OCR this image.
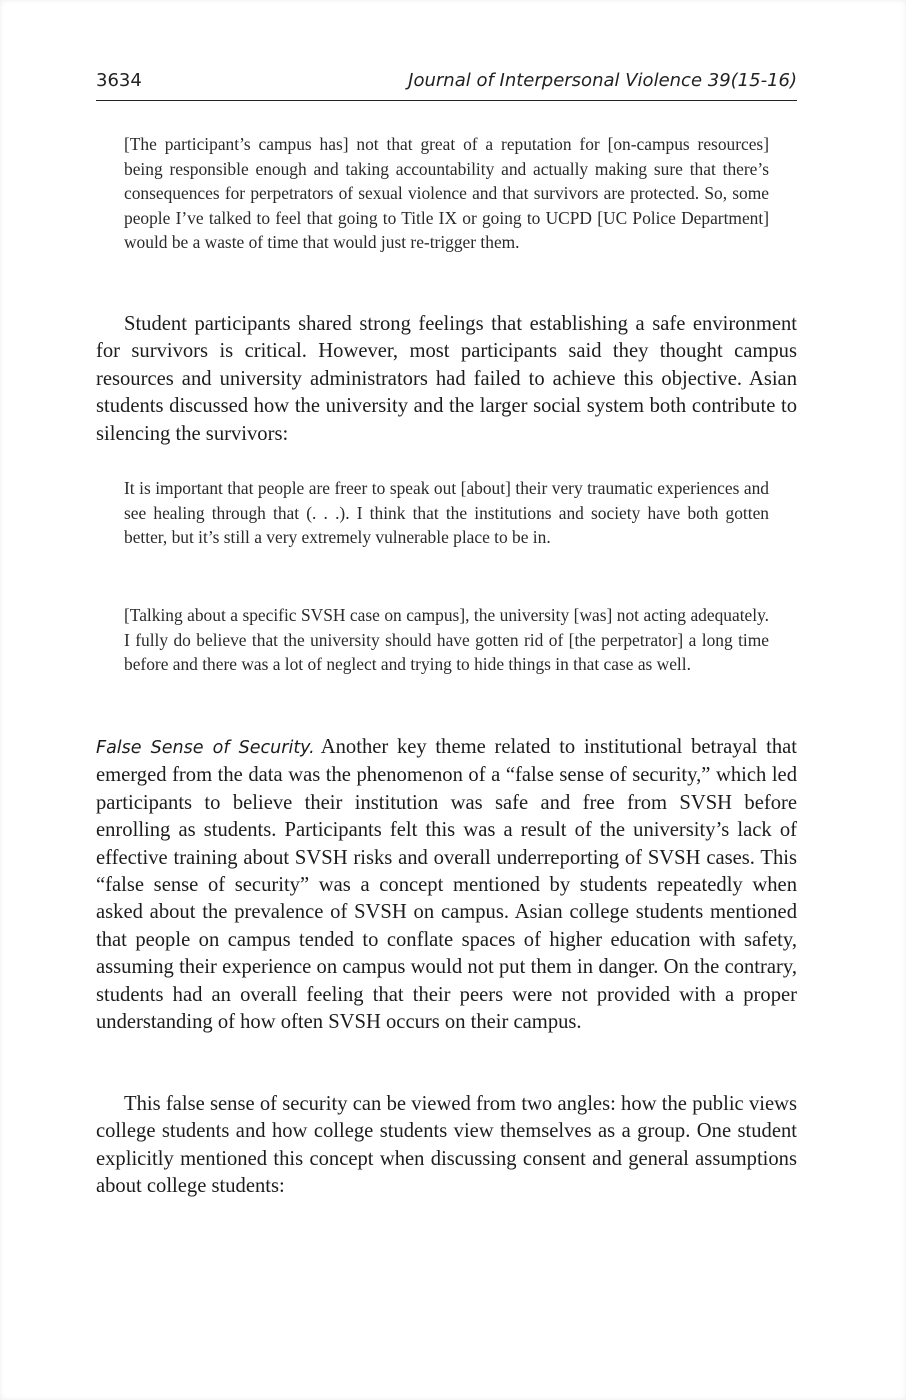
3634	Journal of Interpersonal Violence 39(15-16)

[The participant’s campus has] not that great of a reputation for [on-campus resources] being responsible enough and taking accountability and actually making sure that there’s consequences for perpetrators of sexual violence and that survivors are protected. So, some people I’ve talked to feel that going to Title IX or going to UCPD [UC Police Department] would be a waste of time that would just re-trigger them.

Student participants shared strong feelings that establishing a safe environment for survivors is critical. However, most participants said they thought campus resources and university administrators had failed to achieve this objective. Asian students discussed how the university and the larger social system both contribute to silencing the survivors:

It is important that people are freer to speak out [about] their very traumatic experiences and see healing through that (. . .). I think that the institutions and society have both gotten better, but it’s still a very extremely vulnerable place to be in.

[Talking about a specific SVSH case on campus], the university [was] not acting adequately. I fully do believe that the university should have gotten rid of [the perpetrator] a long time before and there was a lot of neglect and trying to hide things in that case as well.

False Sense of Security. Another key theme related to institutional betrayal that emerged from the data was the phenomenon of a “false sense of security,” which led participants to believe their institution was safe and free from SVSH before enrolling as students. Participants felt this was a result of the university’s lack of effective training about SVSH risks and overall underreporting of SVSH cases. This “false sense of security” was a concept mentioned by students repeatedly when asked about the prevalence of SVSH on campus. Asian college students mentioned that people on campus tended to conflate spaces of higher education with safety, assuming their experience on campus would not put them in danger. On the contrary, students had an overall feeling that their peers were not provided with a proper understanding of how often SVSH occurs on their campus.

This false sense of security can be viewed from two angles: how the public views college students and how college students view themselves as a group. One student explicitly mentioned this concept when discussing consent and general assumptions about college students:
